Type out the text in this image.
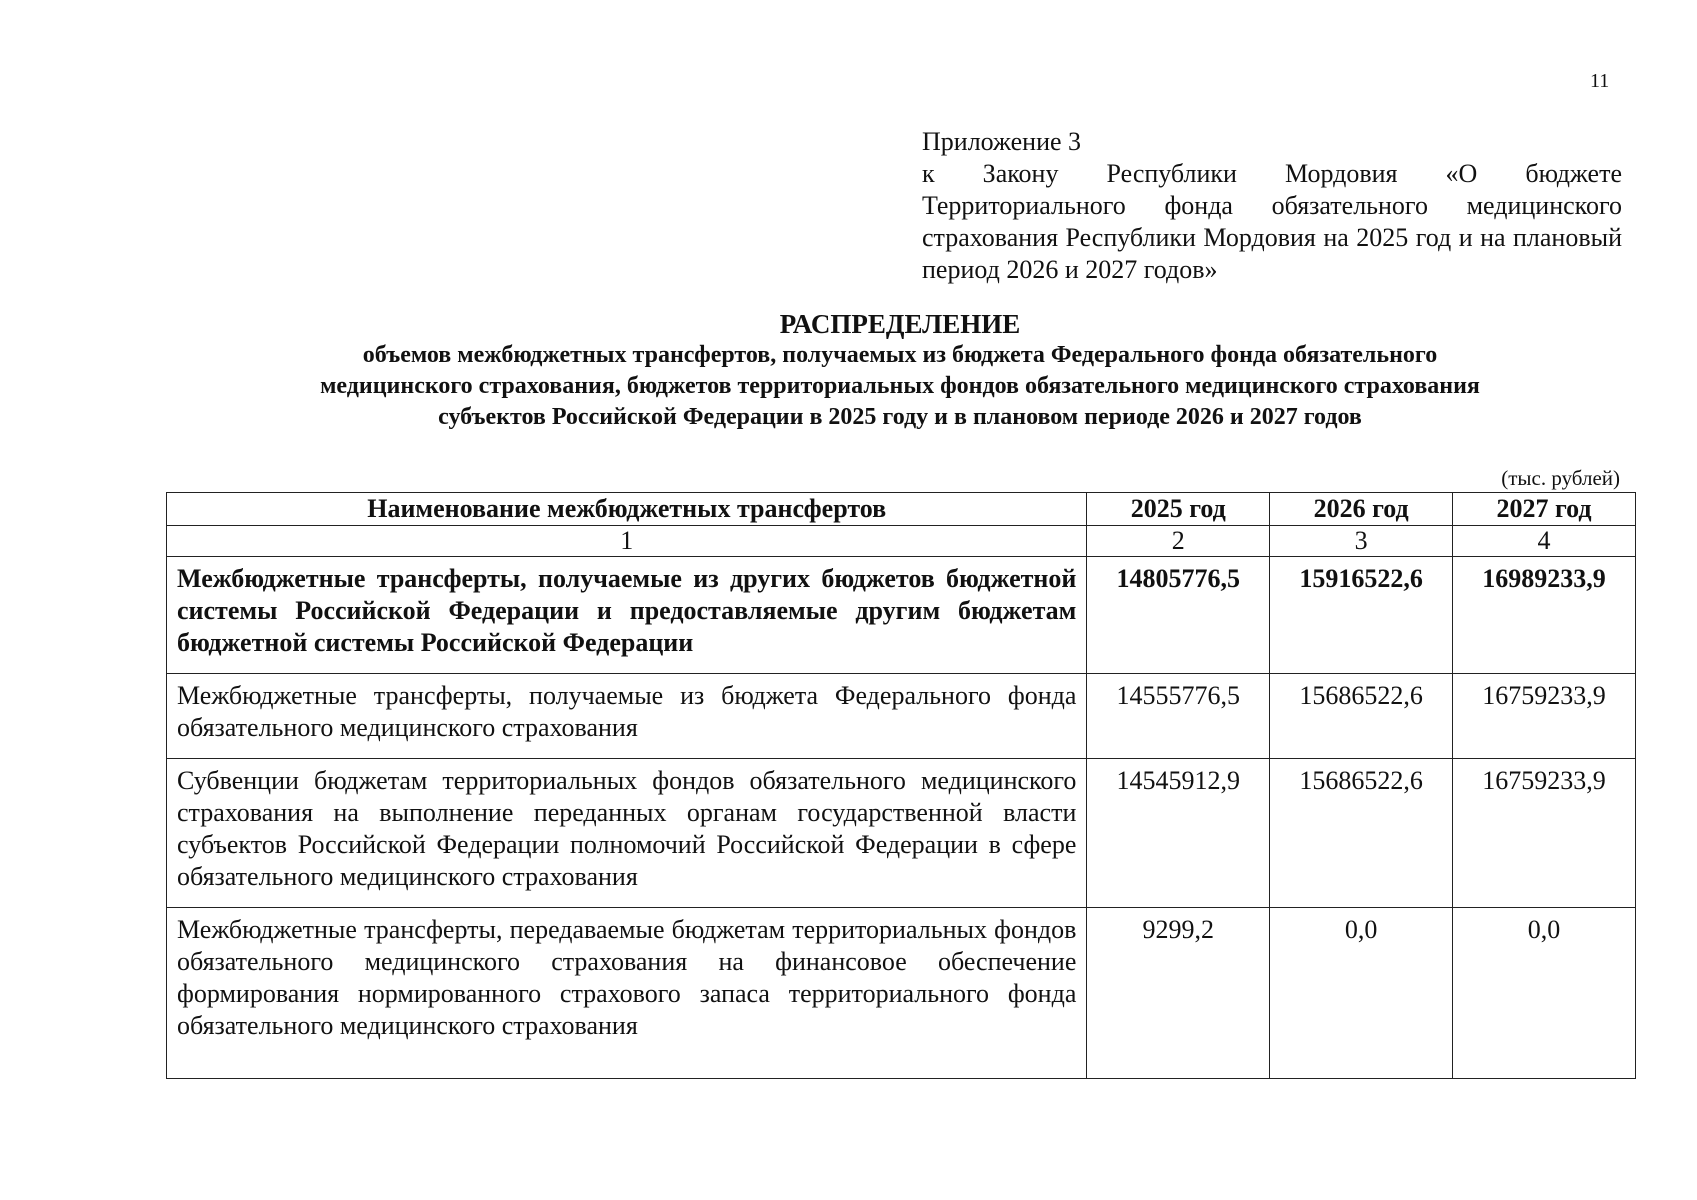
11
Приложение 3
к Закону Республики Мордовия «О бюджете Территориального фонда обязательного медицинского страхования Республики Мордовия на 2025 год и на плановый период 2026 и 2027 годов»
РАСПРЕДЕЛЕНИЕ
объемов межбюджетных трансфертов, получаемых из бюджета Федерального фонда обязательного
медицинского страхования, бюджетов территориальных фондов обязательного медицинского страхования
субъектов Российской Федерации в 2025 году и в плановом периоде 2026 и 2027 годов
(тыс. рублей)
Наименование межбюджетных трансфертов	2025 год	2026 год	2027 год
1	2	3	4
Межбюджетные трансферты, получаемые из других бюджетов бюджетной системы Российской Федерации и предоставляемые другим бюджетам бюджетной системы Российской Федерации	14805776,5	15916522,6	16989233,9
Межбюджетные трансферты, получаемые из бюджета Федерального фонда обязательного медицинского страхования	14555776,5	15686522,6	16759233,9
Субвенции бюджетам территориальных фондов обязательного медицинского страхования на выполнение переданных органам государственной власти субъектов Российской Федерации полномочий Российской Федерации в сфере обязательного медицинского страхования	14545912,9	15686522,6	16759233,9
Межбюджетные трансферты, передаваемые бюджетам территориальных фондов обязательного медицинского страхования на финансовое обеспечение формирования нормированного страхового запаса территориального фонда обязательного медицинского страхования	9299,2	0,0	0,0
